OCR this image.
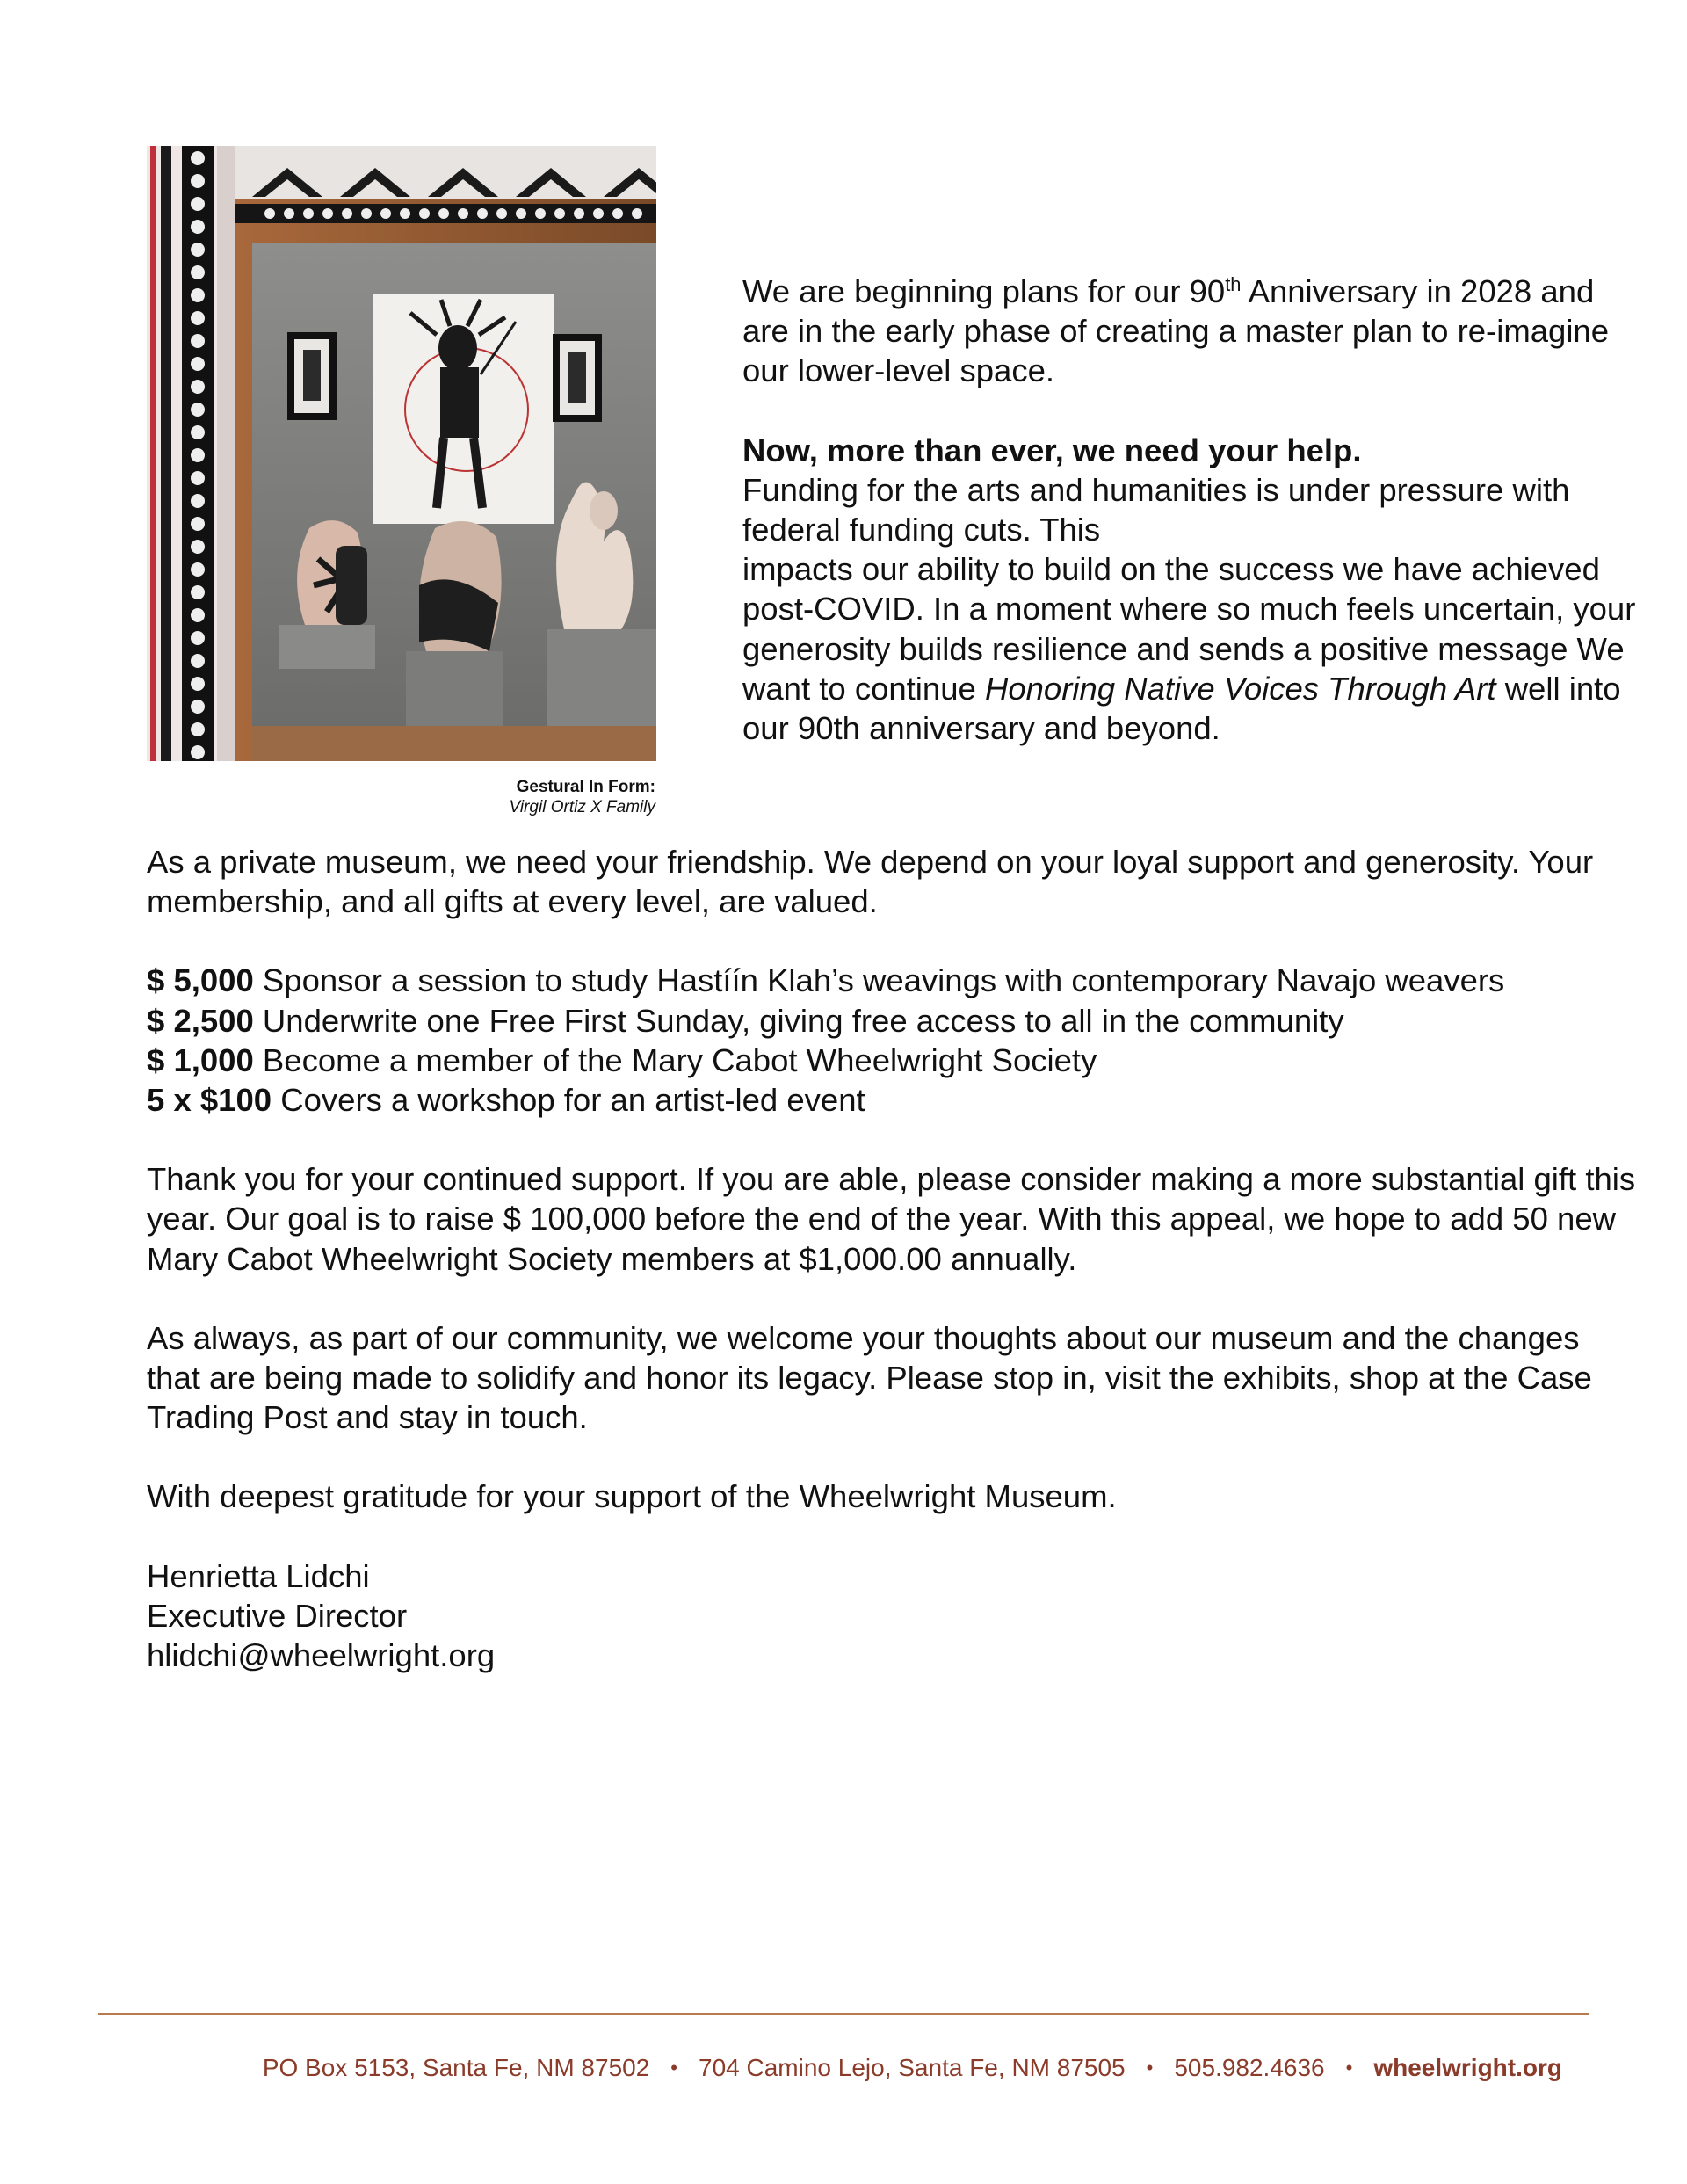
Gestural In Form:
Virgil Ortiz X Family

We are beginning plans for our 90th Anniversary in 2028 and are in the early phase of creating a master plan to re-imagine our lower-level space.

Now, more than ever, we need your help.
Funding for the arts and humanities is under pressure with federal funding cuts. This
impacts our ability to build on the success we have achieved post-COVID. In a moment where so much feels uncertain, your generosity builds resilience and sends a positive message We want to continue Honoring Native Voices Through Art well into our 90th anniversary and beyond.

As a private museum, we need your friendship. We depend on your loyal support and generosity. Your membership, and all gifts at every level, are valued.

$ 5,000 Sponsor a session to study Hastíín Klah’s weavings with contemporary Navajo weavers
$ 2,500 Underwrite one Free First Sunday, giving free access to all in the community
$ 1,000 Become a member of the Mary Cabot Wheelwright Society
5 x $100 Covers a workshop for an artist-led event

Thank you for your continued support. If you are able, please consider making a more substantial gift this year. Our goal is to raise $ 100,000 before the end of the year. With this appeal, we hope to add 50 new Mary Cabot Wheelwright Society members at $1,000.00 annually.

As always, as part of our community, we welcome your thoughts about our museum and the changes that are being made to solidify and honor its legacy. Please stop in, visit the exhibits, shop at the Case Trading Post and stay in touch.

With deepest gratitude for your support of the Wheelwright Museum.

Henrietta Lidchi
Executive Director
hlidchi@wheelwright.org
PO Box 5153, Santa Fe, NM 87502 • 704 Camino Lejo, Santa Fe, NM 87505 • 505.982.4636 • wheelwright.org
